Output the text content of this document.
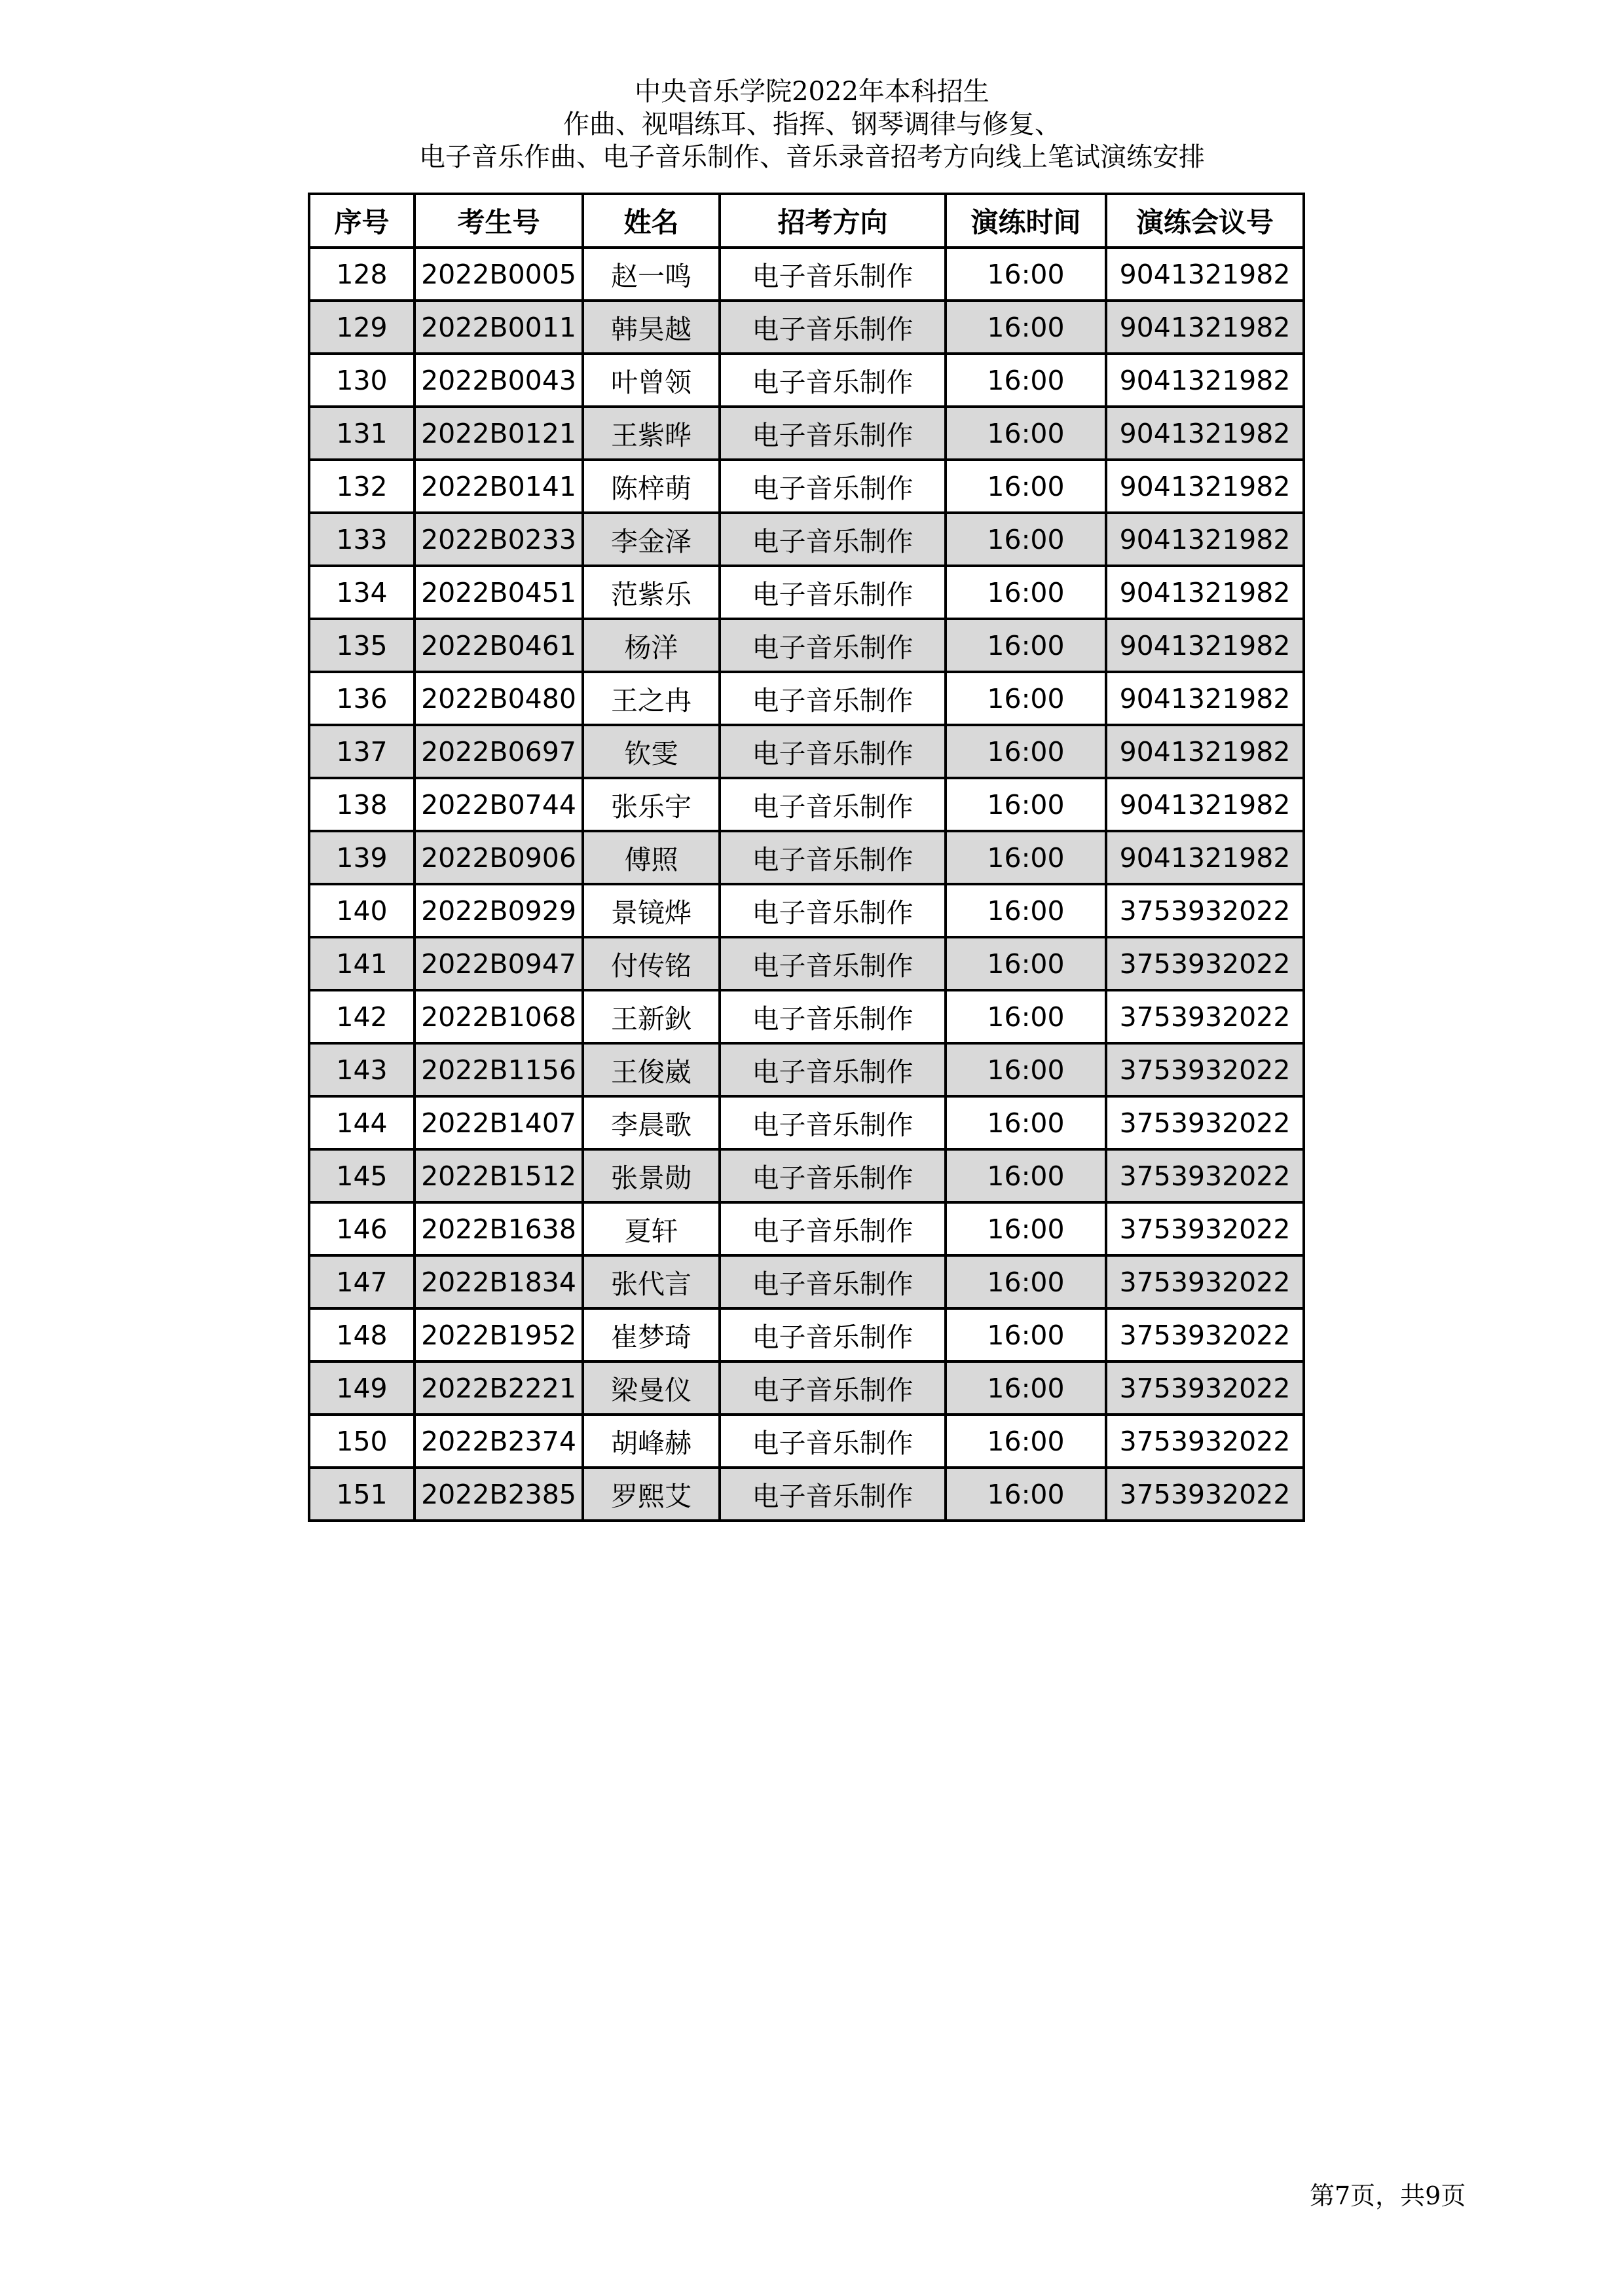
中央音乐学院2022年本科招生
作曲、视唱练耳、指挥、钢琴调律与修复、
电子音乐作曲、电子音乐制作、音乐录音招考方向线上笔试演练安排
序号	考生号	姓名	招考方向	演练时间	演练会议号
128	2022B0005	赵一鸣	电子音乐制作	16:00	9041321982
129	2022B0011	韩昊越	电子音乐制作	16:00	9041321982
130	2022B0043	叶曾领	电子音乐制作	16:00	9041321982
131	2022B0121	王紫晔	电子音乐制作	16:00	9041321982
132	2022B0141	陈梓萌	电子音乐制作	16:00	9041321982
133	2022B0233	李金泽	电子音乐制作	16:00	9041321982
134	2022B0451	范紫乐	电子音乐制作	16:00	9041321982
135	2022B0461	杨洋	电子音乐制作	16:00	9041321982
136	2022B0480	王之冉	电子音乐制作	16:00	9041321982
137	2022B0697	钦雯	电子音乐制作	16:00	9041321982
138	2022B0744	张乐宇	电子音乐制作	16:00	9041321982
139	2022B0906	傅照	电子音乐制作	16:00	9041321982
140	2022B0929	景镜烨	电子音乐制作	16:00	3753932022
141	2022B0947	付传铭	电子音乐制作	16:00	3753932022
142	2022B1068	王新鈥	电子音乐制作	16:00	3753932022
143	2022B1156	王俊崴	电子音乐制作	16:00	3753932022
144	2022B1407	李晨歌	电子音乐制作	16:00	3753932022
145	2022B1512	张景勋	电子音乐制作	16:00	3753932022
146	2022B1638	夏轩	电子音乐制作	16:00	3753932022
147	2022B1834	张代言	电子音乐制作	16:00	3753932022
148	2022B1952	崔梦琦	电子音乐制作	16:00	3753932022
149	2022B2221	梁曼仪	电子音乐制作	16:00	3753932022
150	2022B2374	胡峰赫	电子音乐制作	16:00	3753932022
151	2022B2385	罗熙艾	电子音乐制作	16:00	3753932022
第7页，共9页
